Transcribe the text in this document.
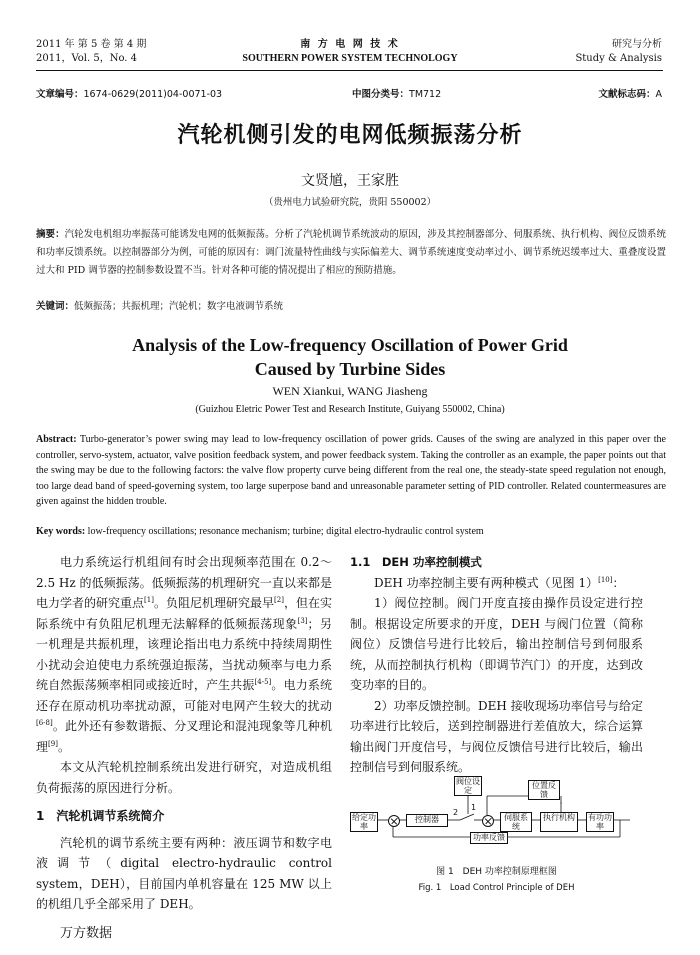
2011 年 第 5 卷 第 4 期
2011，Vol. 5，No. 4
南 方 电 网 技 术
SOUTHERN POWER SYSTEM TECHNOLOGY
研究与分析
Study & Analysis
文章编号：1674-0629(2011)04-0071-03	中图分类号：TM712	文献标志码：A
汽轮机侧引发的电网低频振荡分析
文贤馗，王家胜
（贵州电力试验研究院，贵阳 550002）
摘要：汽轮发电机组功率振荡可能诱发电网的低频振荡。分析了汽轮机调节系统波动的原因，涉及其控制器部分、伺服系统、执行机构、阀位反馈系统和功率反馈系统。以控制器部分为例，可能的原因有：调门流量特性曲线与实际偏差大、调节系统速度变动率过小、调节系统迟缓率过大、重叠度设置过大和 PID 调节器的控制参数设置不当。针对各种可能的情况提出了相应的预防措施。
关键词：低频振荡；共振机理；汽轮机；数字电液调节系统
Analysis of the Low-frequency Oscillation of Power Grid
Caused by Turbine Sides
WEN Xiankui, WANG Jiasheng
(Guizhou Eletric Power Test and Research Institute, Guiyang 550002, China)
Abstract: Turbo-generator’s power swing may lead to low-frequency oscillation of power grids. Causes of the swing are analyzed in this paper over the controller, servo-system, actuator, valve position feedback system, and power feedback system. Taking the controller as an example, the paper points out that the swing may be due to the following factors: the valve flow property curve being different from the real one, the steady-state speed regulation not enough, too large dead band of speed-governing system, too large superpose band and unreasonable parameter setting of PID controller. Related countermeasures are given against the hidden trouble.
Key words: low-frequency oscillations; resonance mechanism; turbine; digital electro-hydraulic control system

电力系统运行机组间有时会出现频率范围在 0.2～2.5 Hz 的低频振荡。低频振荡的机理研究一直以来都是电力学者的研究重点[1]。负阻尼机理研究最早[2]，但在实际系统中有负阻尼机理无法解释的低频振荡现象[3]；另一机理是共振机理，该理论指出电力系统中持续周期性小扰动会迫使电力系统强迫振荡，当扰动频率与电力系统自然振荡频率相同或接近时，产生共振[4-5]。电力系统还存在原动机功率扰动源，可能对电网产生较大的扰动[6-8]。此外还有参数谐振、分叉理论和混沌现象等几种机理[9]。

本文从汽轮机控制系统出发进行研究，对造成机组负荷振荡的原因进行分析。

1　汽轮机调节系统简介

汽轮机的调节系统主要有两种：液压调节和数字电液调节（digital electro-hydraulic control system，DEH），目前国内单机容量在 125 MW 以上的机组几乎全部采用了 DEH。

1.1　DEH 功率控制模式

DEH 功率控制主要有两种模式（见图 1）[10]：

1）阀位控制。阀门开度直接由操作员设定进行控制。根据设定所要求的开度，DEH 与阀门位置（简称阀位）反馈信号进行比较后，输出控制信号到伺服系统，从而控制执行机构（即调节汽门）的开度，达到改变功率的目的。

2）功率反馈控制。DEH 接收现场功率信号与给定功率进行比较后，送到控制器进行差值放大，综合运算输出阀门开度信号，与阀位反馈信号进行比较后，输出控制信号到伺服系统。

给定功率
控制器
2
1
阀位设定
伺服系统
位置反馈
执行机构	有功功率
功率反馈
图 1　DEH 功率控制原理框图
Fig. 1　Load Control Principle of DEH
万方数据
